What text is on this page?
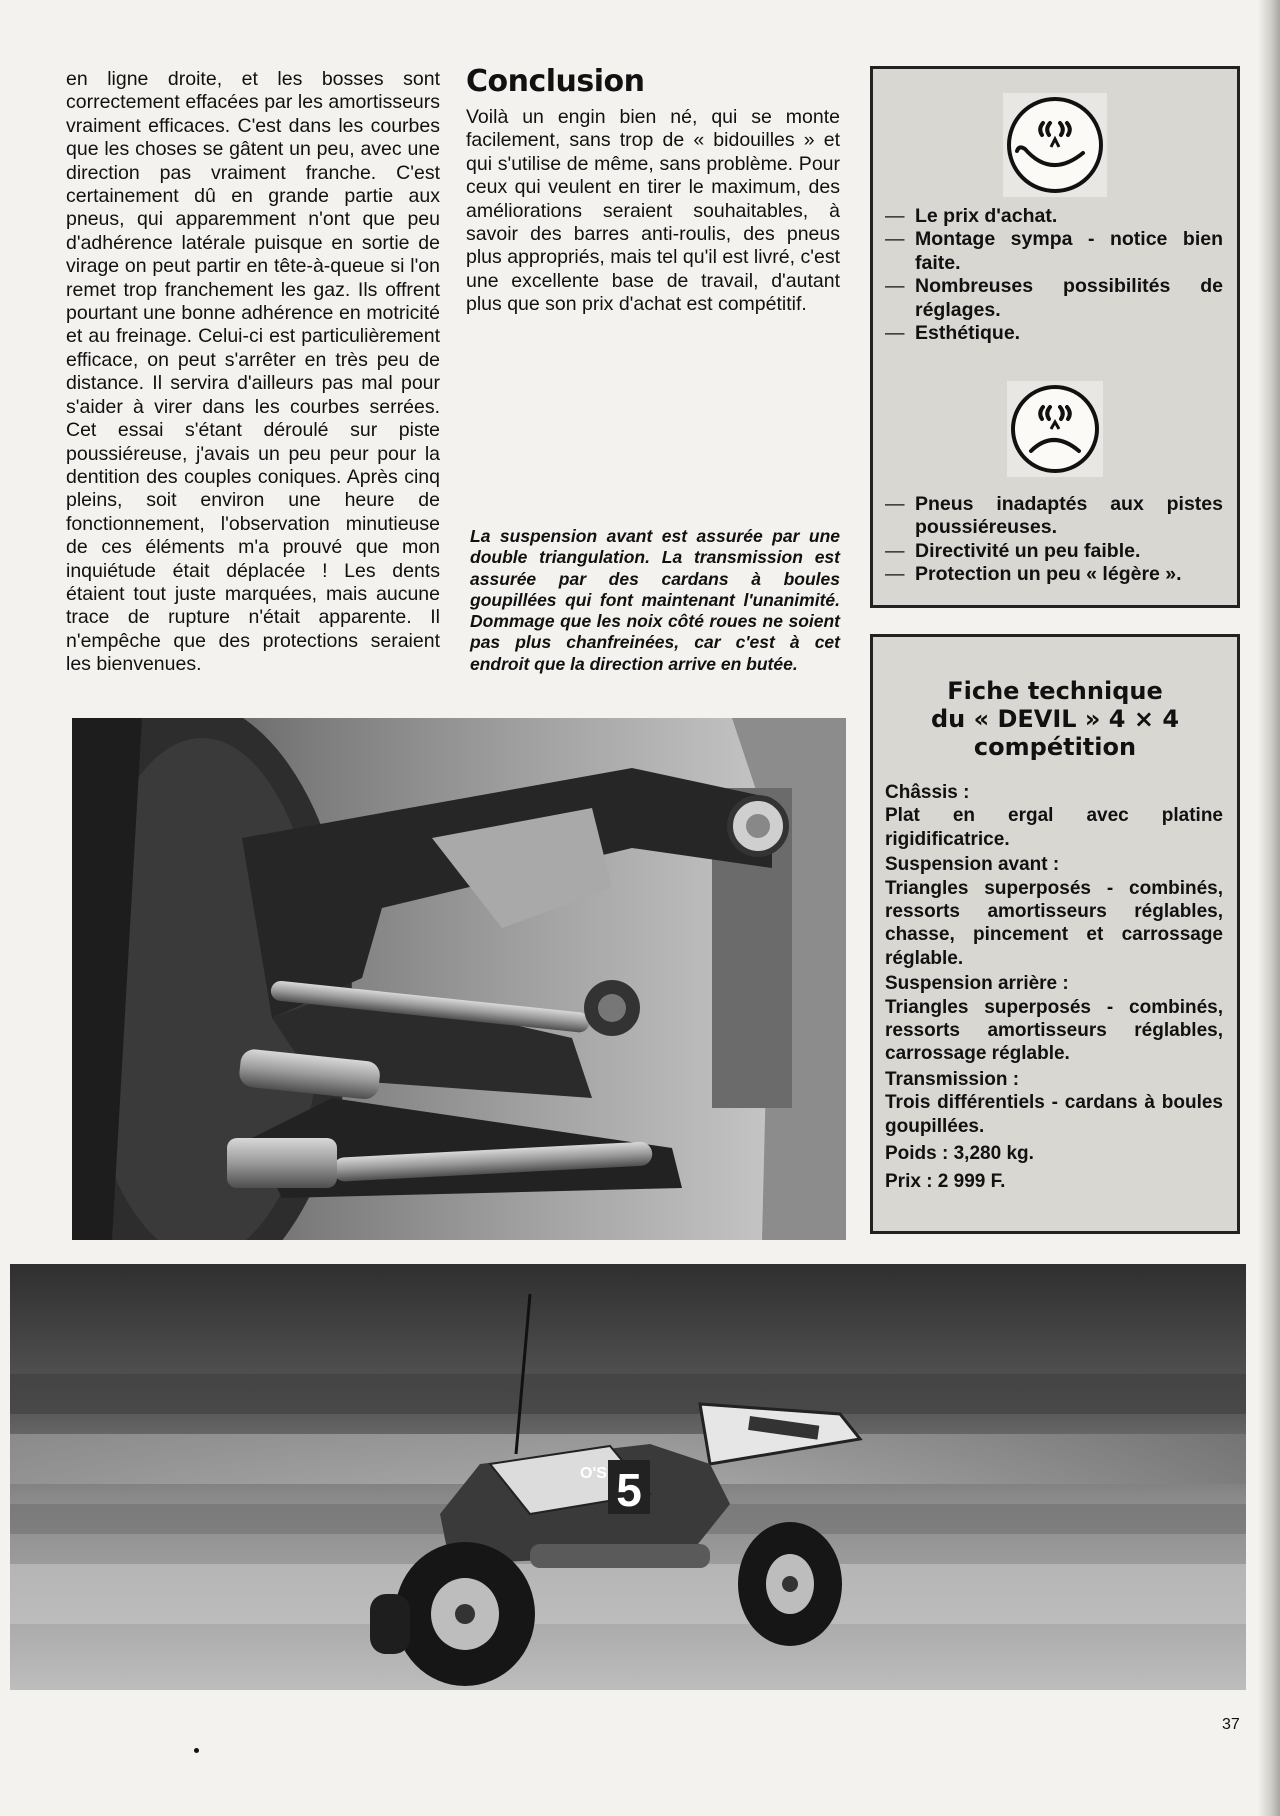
en ligne droite, et les bosses sont correctement effacées par les amortisseurs vraiment efficaces. C'est dans les courbes que les choses se gâtent un peu, avec une direction pas vraiment franche. C'est certainement dû en grande partie aux pneus, qui apparemment n'ont que peu d'adhérence latérale puisque en sortie de virage on peut partir en tête-à-queue si l'on remet trop franchement les gaz. Ils offrent pourtant une bonne adhérence en motricité et au freinage. Celui-ci est particulièrement efficace, on peut s'arrêter en très peu de distance. Il servira d'ailleurs pas mal pour s'aider à virer dans les courbes serrées. Cet essai s'étant déroulé sur piste poussiéreuse, j'avais un peu peur pour la dentition des couples coniques. Après cinq pleins, soit environ une heure de fonctionnement, l'observation minutieuse de ces éléments m'a prouvé que mon inquiétude était déplacée ! Les dents étaient tout juste marquées, mais aucune trace de rupture n'était apparente. Il n'empêche que des protections seraient les bienvenues.

Conclusion

Voilà un engin bien né, qui se monte facilement, sans trop de « bidouilles » et qui s'utilise de même, sans problème. Pour ceux qui veulent en tirer le maximum, des améliorations seraient souhaitables, à savoir des barres anti-roulis, des pneus plus appropriés, mais tel qu'il est livré, c'est une excellente base de travail, d'autant plus que son prix d'achat est compétitif.

La suspension avant est assurée par une double triangulation. La transmission est assurée par des cardans à boules goupillées qui font maintenant l'unanimité. Dommage que les noix côté roues ne soient pas plus chanfreinées, car c'est à cet endroit que la direction arrive en butée.
— Le prix d'achat.
— Montage sympa - notice bien faite.
— Nombreuses possibilités de réglages.
— Esthétique.
— Pneus inadaptés aux pistes poussiéreuses.
— Directivité un peu faible.
— Protection un peu « légère ».
Fiche technique
du « DEVIL » 4 × 4
compétition

Châssis :

Plat en ergal avec platine rigidificatrice.

Suspension avant :

Triangles superposés - combinés, ressorts amortisseurs réglables, chasse, pincement et carrossage réglable.

Suspension arrière :

Triangles superposés - combinés, ressorts amortisseurs réglables, carrossage réglable.

Transmission :

Trois différentiels - cardans à boules goupillées.

Poids : 3,280 kg.

Prix : 2 999 F.

5
O'S

37
